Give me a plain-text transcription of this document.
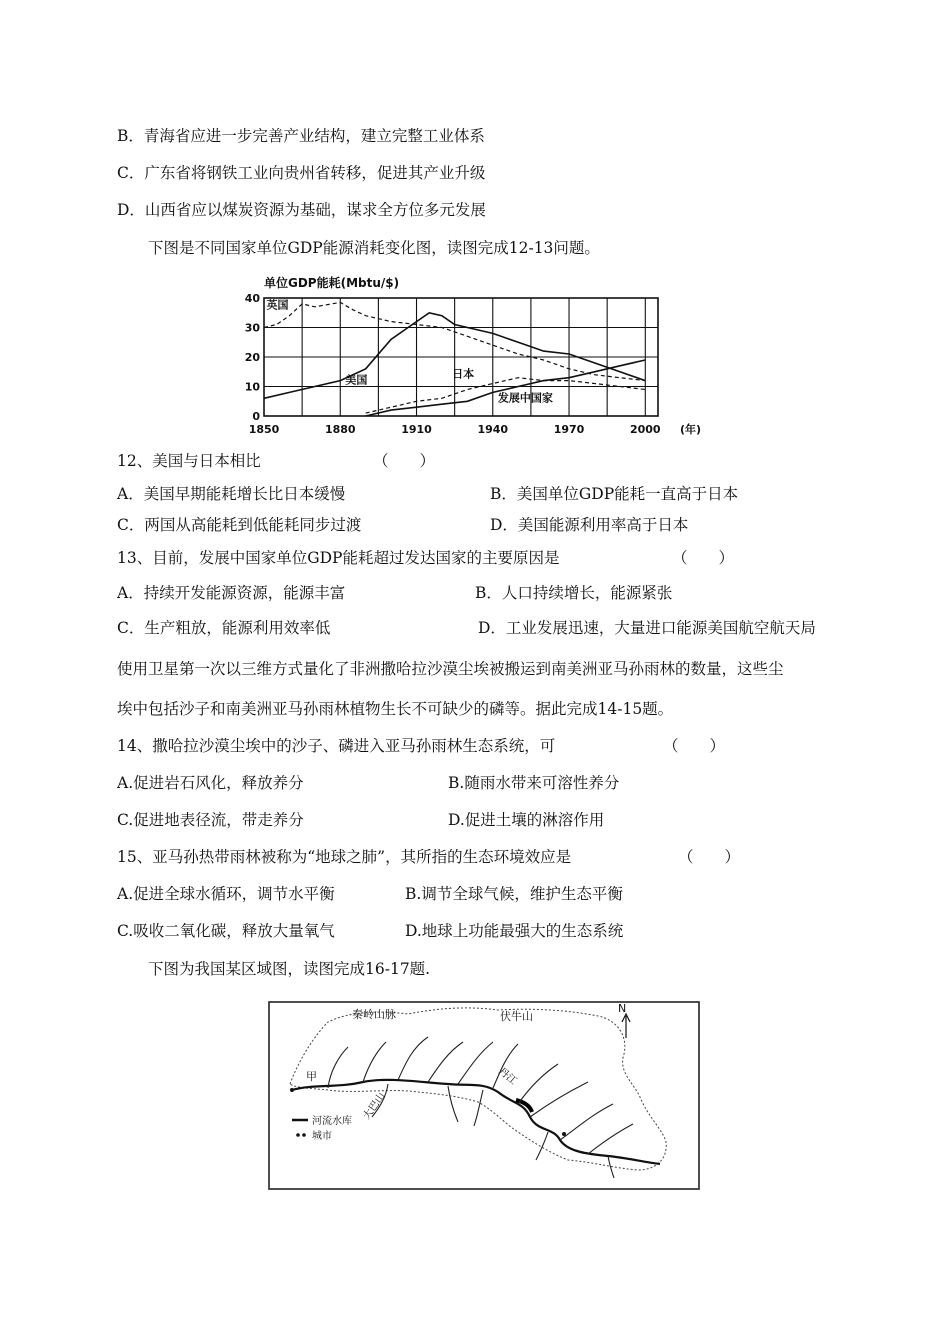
B．青海省应进一步完善产业结构，建立完整工业体系
C．广东省将钢铁工业向贵州省转移，促进其产业升级
D．山西省应以煤炭资源为基础，谋求全方位多元发展
下图是不同国家单位GDP能源消耗变化图，读图完成12-13问题。
单位GDP能耗(Mbtu/$)
0
10
20
30
40
1850	1880	1910	1940	1970	2000
英国
美国	日本
发展中国家
(年)
12、美国与日本相比	（　　）
A．美国早期能耗增长比日本缓慢	B．美国单位GDP能耗一直高于日本
C．两国从高能耗到低能耗同步过渡	D．美国能源利用率高于日本
13、目前，发展中国家单位GDP能耗超过发达国家的主要原因是	（　　）
A．持续开发能源资源，能源丰富	B．人口持续增长，能源紧张
C．生产粗放，能源利用效率低	D．工业发展迅速，大量进口能源美国航空航天局
使用卫星第一次以三维方式量化了非洲撒哈拉沙漠尘埃被搬运到南美洲亚马孙雨林的数量，这些尘
埃中包括沙子和南美洲亚马孙雨林植物生长不可缺少的磷等。据此完成14-15题。
14、撒哈拉沙漠尘埃中的沙子、磷进入亚马孙雨林生态系统，可	（　　）
A.促进岩石风化，释放养分	B.随雨水带来可溶性养分
C.促进地表径流，带走养分	D.促进土壤的淋溶作用
15、亚马孙热带雨林被称为“地球之肺”，其所指的生态环境效应是	（　　）
A.促进全球水循环，调节水平衡	B.调节全球气候，维护生态平衡
C.吸收二氧化碳，释放大量氧气	D.地球上功能最强大的生态系统
下图为我国某区域图，读图完成16-17题.
秦岭山脉	伏牛山
N
甲	丹江
大巴山
河流水库
城市
